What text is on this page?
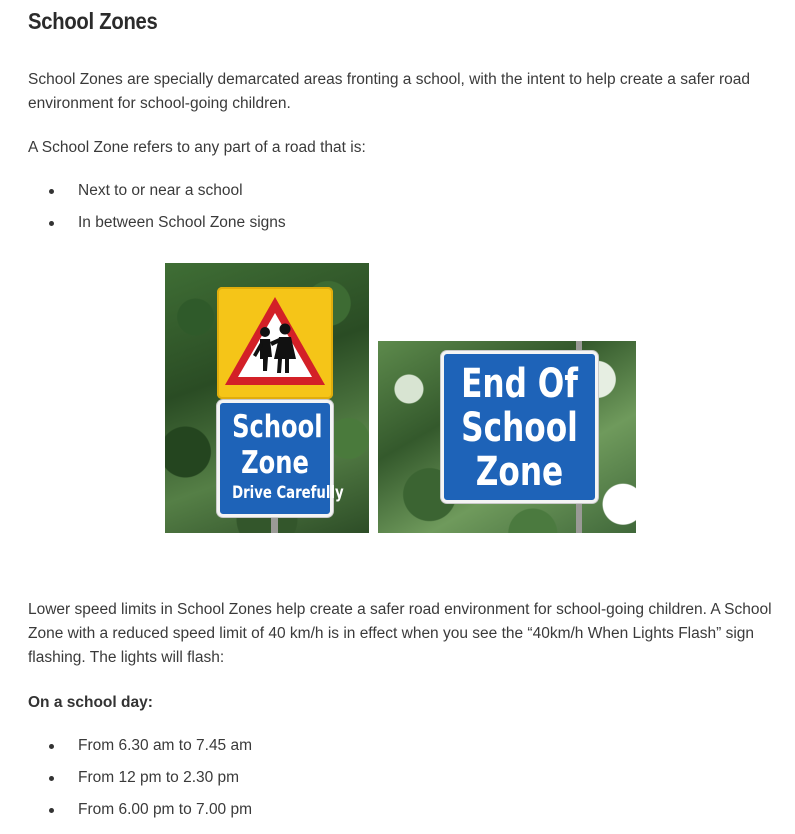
School Zones

School Zones are specially demarcated areas fronting a school, with the intent to help create a safer road environment for school-going children.

A School Zone refers to any part of a road that is:

Next to or near a school
In between School Zone signs
School
Zone
Drive Carefully
End Of
School
Zone

Lower speed limits in School Zones help create a safer road environment for school-going children. A School Zone with a reduced speed limit of 40 km/h is in effect when you see the “40km/h When Lights Flash” sign flashing. The lights will flash:

On a school day:

From 6.30 am to 7.45 am
From 12 pm to 2.30 pm
From 6.00 pm to 7.00 pm
